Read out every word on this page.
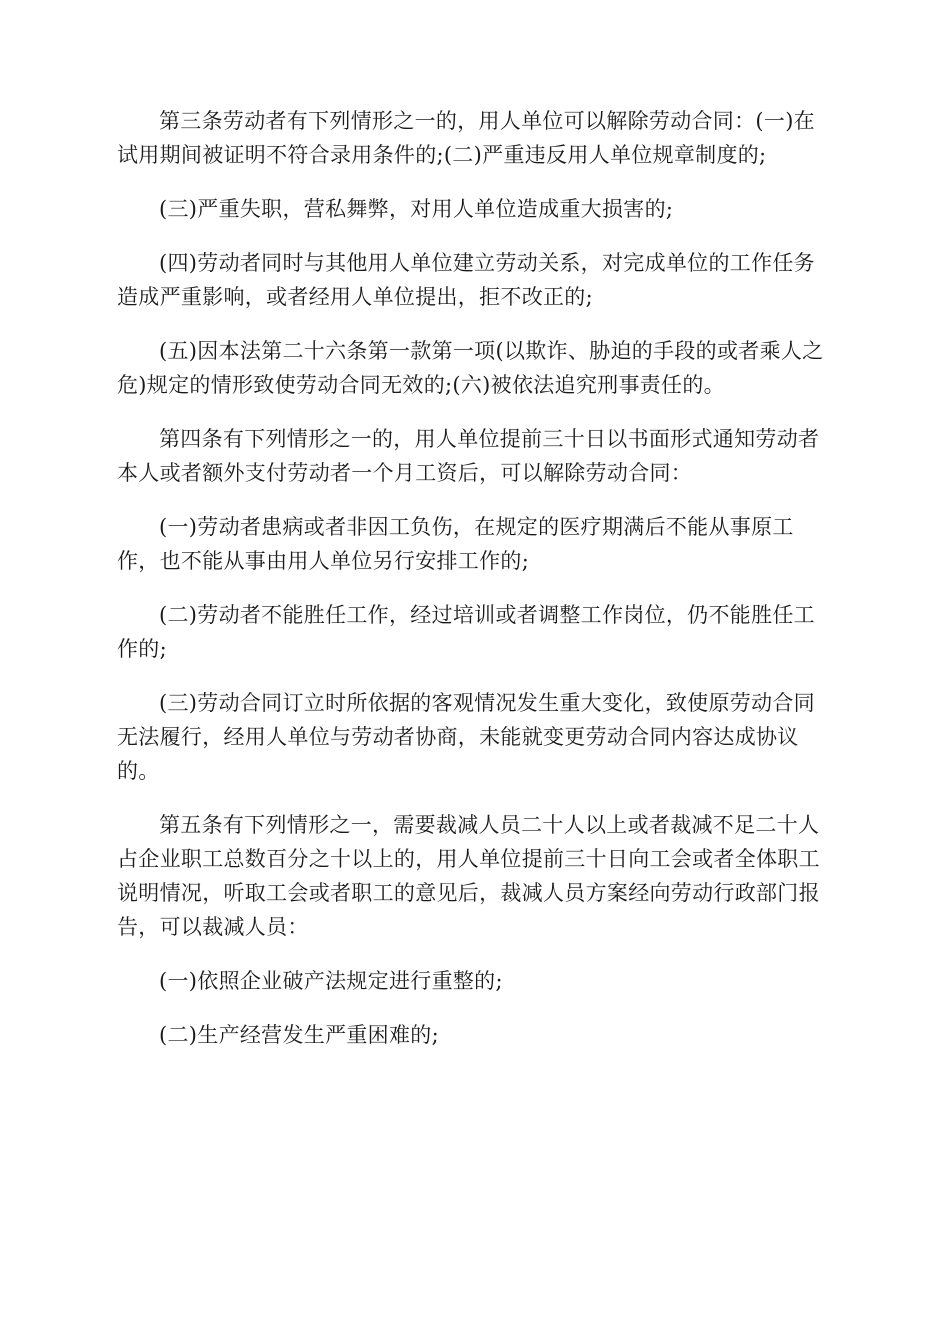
第三条劳动者有下列情形之一的，用人单位可以解除劳动合同：(一)在试用期间被证明不符合录用条件的;(二)严重违反用人单位规章制度的;

(三)严重失职，营私舞弊，对用人单位造成重大损害的;

(四)劳动者同时与其他用人单位建立劳动关系，对完成单位的工作任务造成严重影响，或者经用人单位提出，拒不改正的;

(五)因本法第二十六条第一款第一项(以欺诈、胁迫的手段的或者乘人之危)规定的情形致使劳动合同无效的;(六)被依法追究刑事责任的。

第四条有下列情形之一的，用人单位提前三十日以书面形式通知劳动者本人或者额外支付劳动者一个月工资后，可以解除劳动合同：

(一)劳动者患病或者非因工负伤，在规定的医疗期满后不能从事原工作，也不能从事由用人单位另行安排工作的;

(二)劳动者不能胜任工作，经过培训或者调整工作岗位，仍不能胜任工作的;

(三)劳动合同订立时所依据的客观情况发生重大变化，致使原劳动合同无法履行，经用人单位与劳动者协商，未能就变更劳动合同内容达成协议的。

第五条有下列情形之一，需要裁减人员二十人以上或者裁减不足二十人占企业职工总数百分之十以上的，用人单位提前三十日向工会或者全体职工说明情况，听取工会或者职工的意见后，裁减人员方案经向劳动行政部门报告，可以裁减人员：

(一)依照企业破产法规定进行重整的;

(二)生产经营发生严重困难的;
